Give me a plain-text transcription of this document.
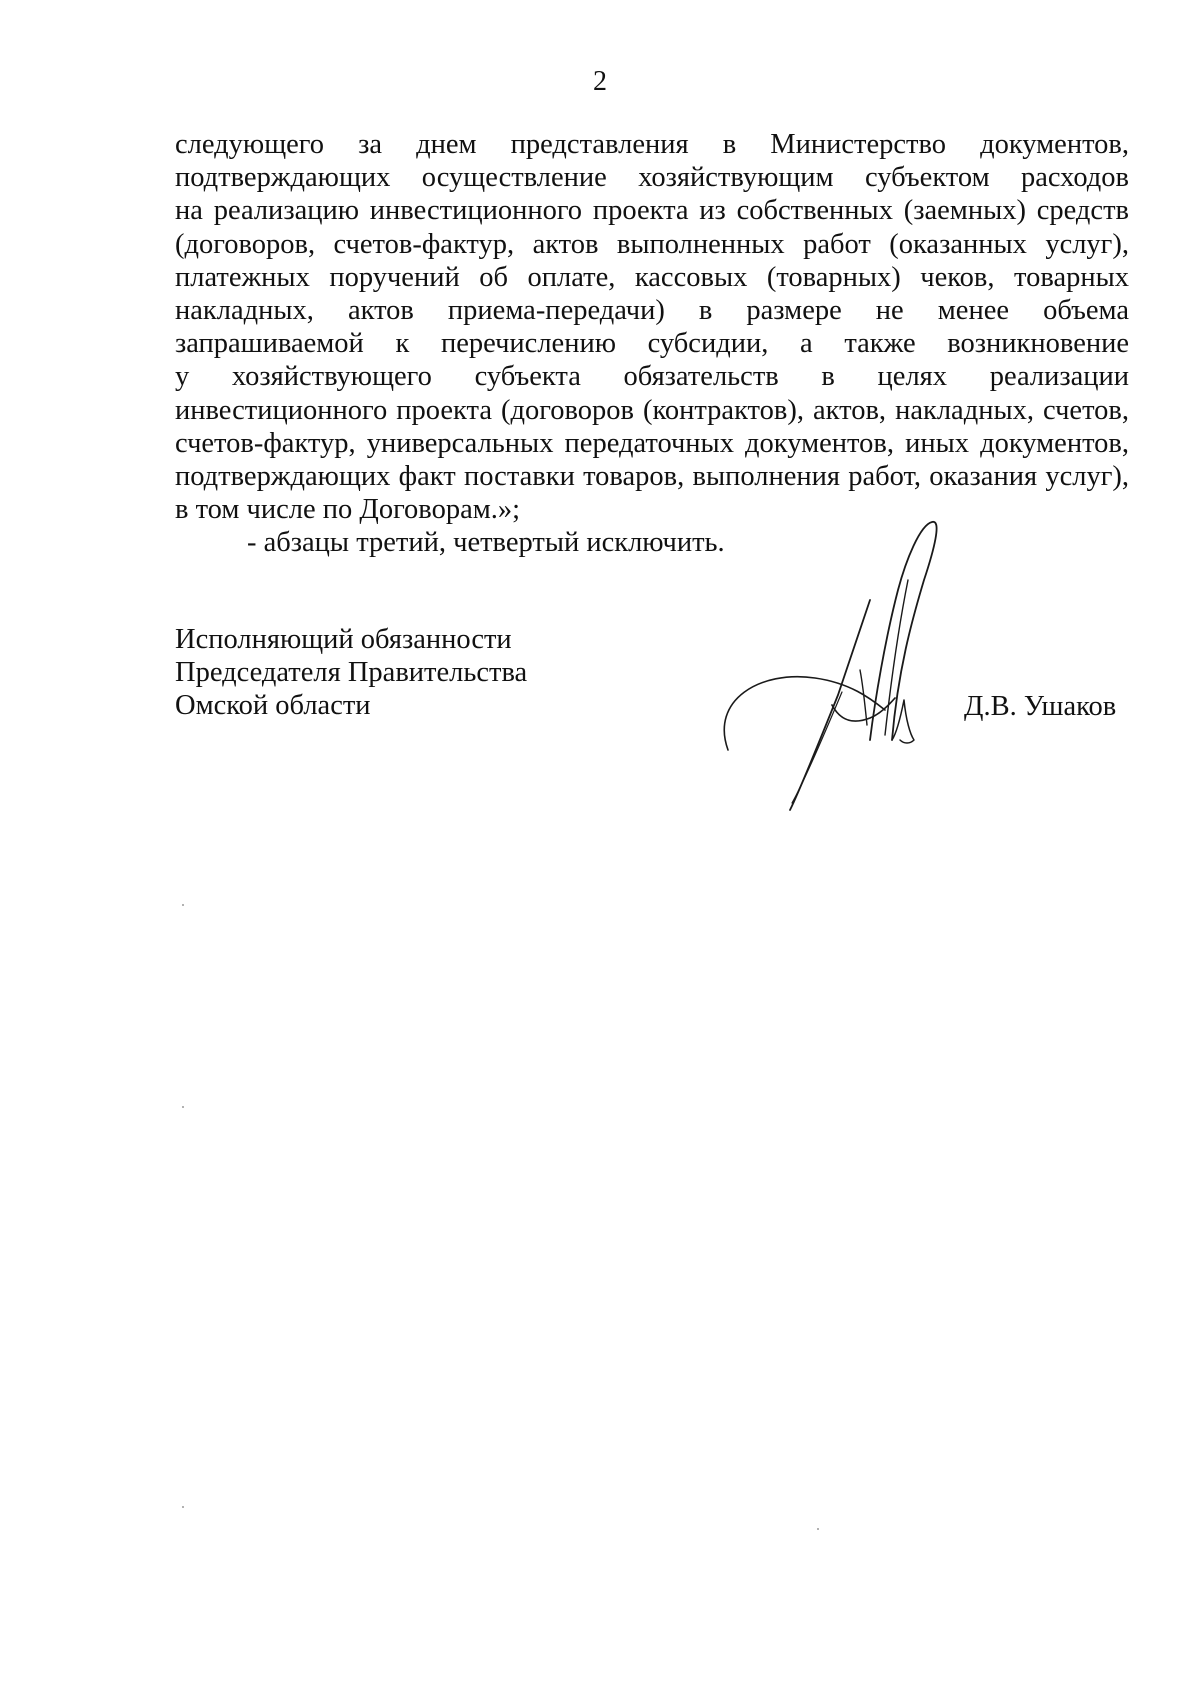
2
следующего за днем представления в Министерство документов,
подтверждающих осуществление хозяйствующим субъектом расходов
на реализацию инвестиционного проекта из собственных (заемных) средств
(договоров, счетов-фактур, актов выполненных работ (оказанных услуг),
платежных поручений об оплате, кассовых (товарных) чеков, товарных
накладных, актов приема-передачи) в размере не менее объема
запрашиваемой к перечислению субсидии, а также возникновение
у хозяйствующего субъекта обязательств в целях реализации
инвестиционного проекта (договоров (контрактов), актов, накладных, счетов,
счетов-фактур, универсальных передаточных документов, иных документов,
подтверждающих факт поставки товаров, выполнения работ, оказания услуг),
в том числе по Договорам.»;
- абзацы третий, четвертый исключить.
Исполняющий обязанности
Председателя Правительства
Омской области	Д.В. Ушаков
